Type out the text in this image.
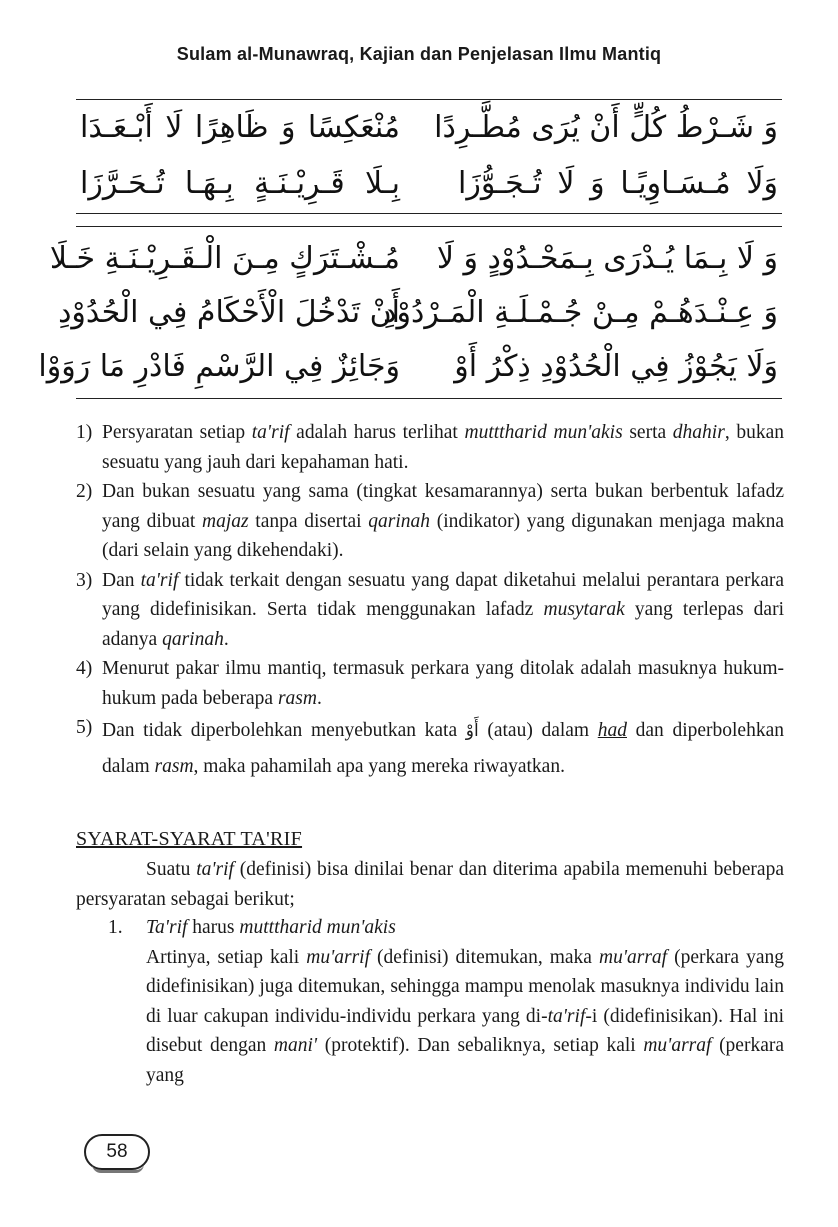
Sulam al-Munawraq, Kajian dan Penjelasan Ilmu Mantiq
وَ شَـرْطُ كُلٍّ أَنْ يُرَى مُطَّـرِدًا
مُنْعَكِسًا وَ ظَاهِرًا لَا أَبْـعَـدَا
وَلَا مُـسَـاوِيًـا وَ لَا تُـجَـوُّزَا
بِـلَا قَـرِيْـنَـةٍ بِـهَـا تُـحَـرَّزَا
وَ لَا بِـمَا يُـدْرَى بِـمَحْـدُوْدٍ وَ لَا
مُـشْـتَرَكٍ مِـنَ الْـقَـرِيْـنَـةِ خَـلَا
وَ عِـنْـدَهُـمْ مِـنْ جُـمْـلَـةِ الْمَـرْدُوْدِ
أَنْ تَدْخُلَ الْأَحْكَامُ فِي الْحُدُوْدِ
وَلَا يَجُوْزُ فِي الْحُدُوْدِ ذِكْرُ أَوْ
وَجَائِزٌ فِي الرَّسْمِ فَادْرِ مَا رَوَوْا
1) Persyaratan setiap ta'rif adalah harus terlihat mutttharid mun'akis serta dhahir, bukan sesuatu yang jauh dari kepahaman hati.
2) Dan bukan sesuatu yang sama (tingkat kesamarannya) serta bukan berbentuk lafadz yang dibuat majaz tanpa disertai qarinah (indikator) yang digunakan menjaga makna (dari selain yang dikehendaki).
3) Dan ta'rif tidak terkait dengan sesuatu yang dapat diketahui melalui perantara perkara yang didefinisikan. Serta tidak menggunakan lafadz musytarak yang terlepas dari adanya qarinah.
4) Menurut pakar ilmu mantiq, termasuk perkara yang ditolak adalah masuknya hukum-hukum pada beberapa rasm.
5) Dan tidak diperbolehkan menyebutkan kata أَوْ (atau) dalam had dan diperbolehkan dalam rasm, maka pahamilah apa yang mereka riwayatkan.
SYARAT-SYARAT TA'RIF
Suatu ta'rif (definisi) bisa dinilai benar dan diterima apabila memenuhi beberapa persyaratan sebagai berikut;
1. Ta'rif harus mutttharid mun'akis
Artinya, setiap kali mu'arrif (definisi) ditemukan, maka mu'arraf (perkara yang didefinisikan) juga ditemukan, sehingga mampu menolak masuknya individu lain di luar cakupan individu-individu perkara yang di-ta'rif-i (didefinisikan). Hal ini disebut dengan mani' (protektif). Dan sebaliknya, setiap kali mu'arraf (perkara yang
58
